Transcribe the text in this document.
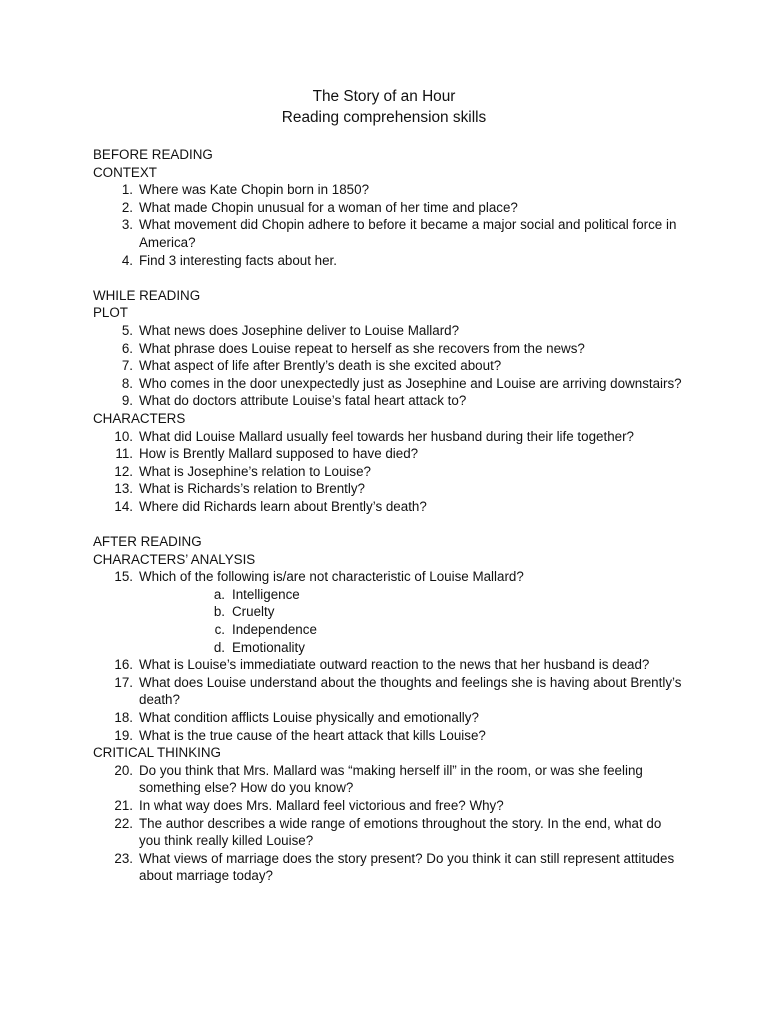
The Story of an Hour
Reading comprehension skills
BEFORE READING
CONTEXT
1. Where was Kate Chopin born in 1850?
2. What made Chopin unusual for a woman of her time and place?
3. What movement did Chopin adhere to before it became a major social and political force in America?
4. Find 3 interesting facts about her.
WHILE READING
PLOT
5. What news does Josephine deliver to Louise Mallard?
6. What phrase does Louise repeat to herself as she recovers from the news?
7. What aspect of life after Brently’s death is she excited about?
8. Who comes in the door unexpectedly just as Josephine and Louise are arriving downstairs?
9. What do doctors attribute Louise’s fatal heart attack to?
CHARACTERS
10. What did Louise Mallard usually feel towards her husband during their life together?
11. How is Brently Mallard supposed to have died?
12. What is Josephine’s relation to Louise?
13. What is Richards’s relation to Brently?
14. Where did Richards learn about Brently’s death?
AFTER READING
CHARACTERS’ ANALYSIS
15. Which of the following is/are not characteristic of Louise Mallard?
a. Intelligence
b. Cruelty
c. Independence
d. Emotionality
16. What is Louise’s immediatiate outward reaction to the news that her husband is dead?
17. What does Louise understand about the thoughts and feelings she is having about Brently’s death?
18. What condition afflicts Louise physically and emotionally?
19. What is the true cause of the heart attack that kills Louise?
CRITICAL THINKING
20. Do you think that Mrs. Mallard was “making herself ill” in the room, or was she feeling something else? How do you know?
21. In what way does Mrs. Mallard feel victorious and free? Why?
22. The author describes a wide range of emotions throughout the story. In the end, what do you think really killed Louise?
23. What views of marriage does the story present? Do you think it can still represent attitudes about marriage today?
